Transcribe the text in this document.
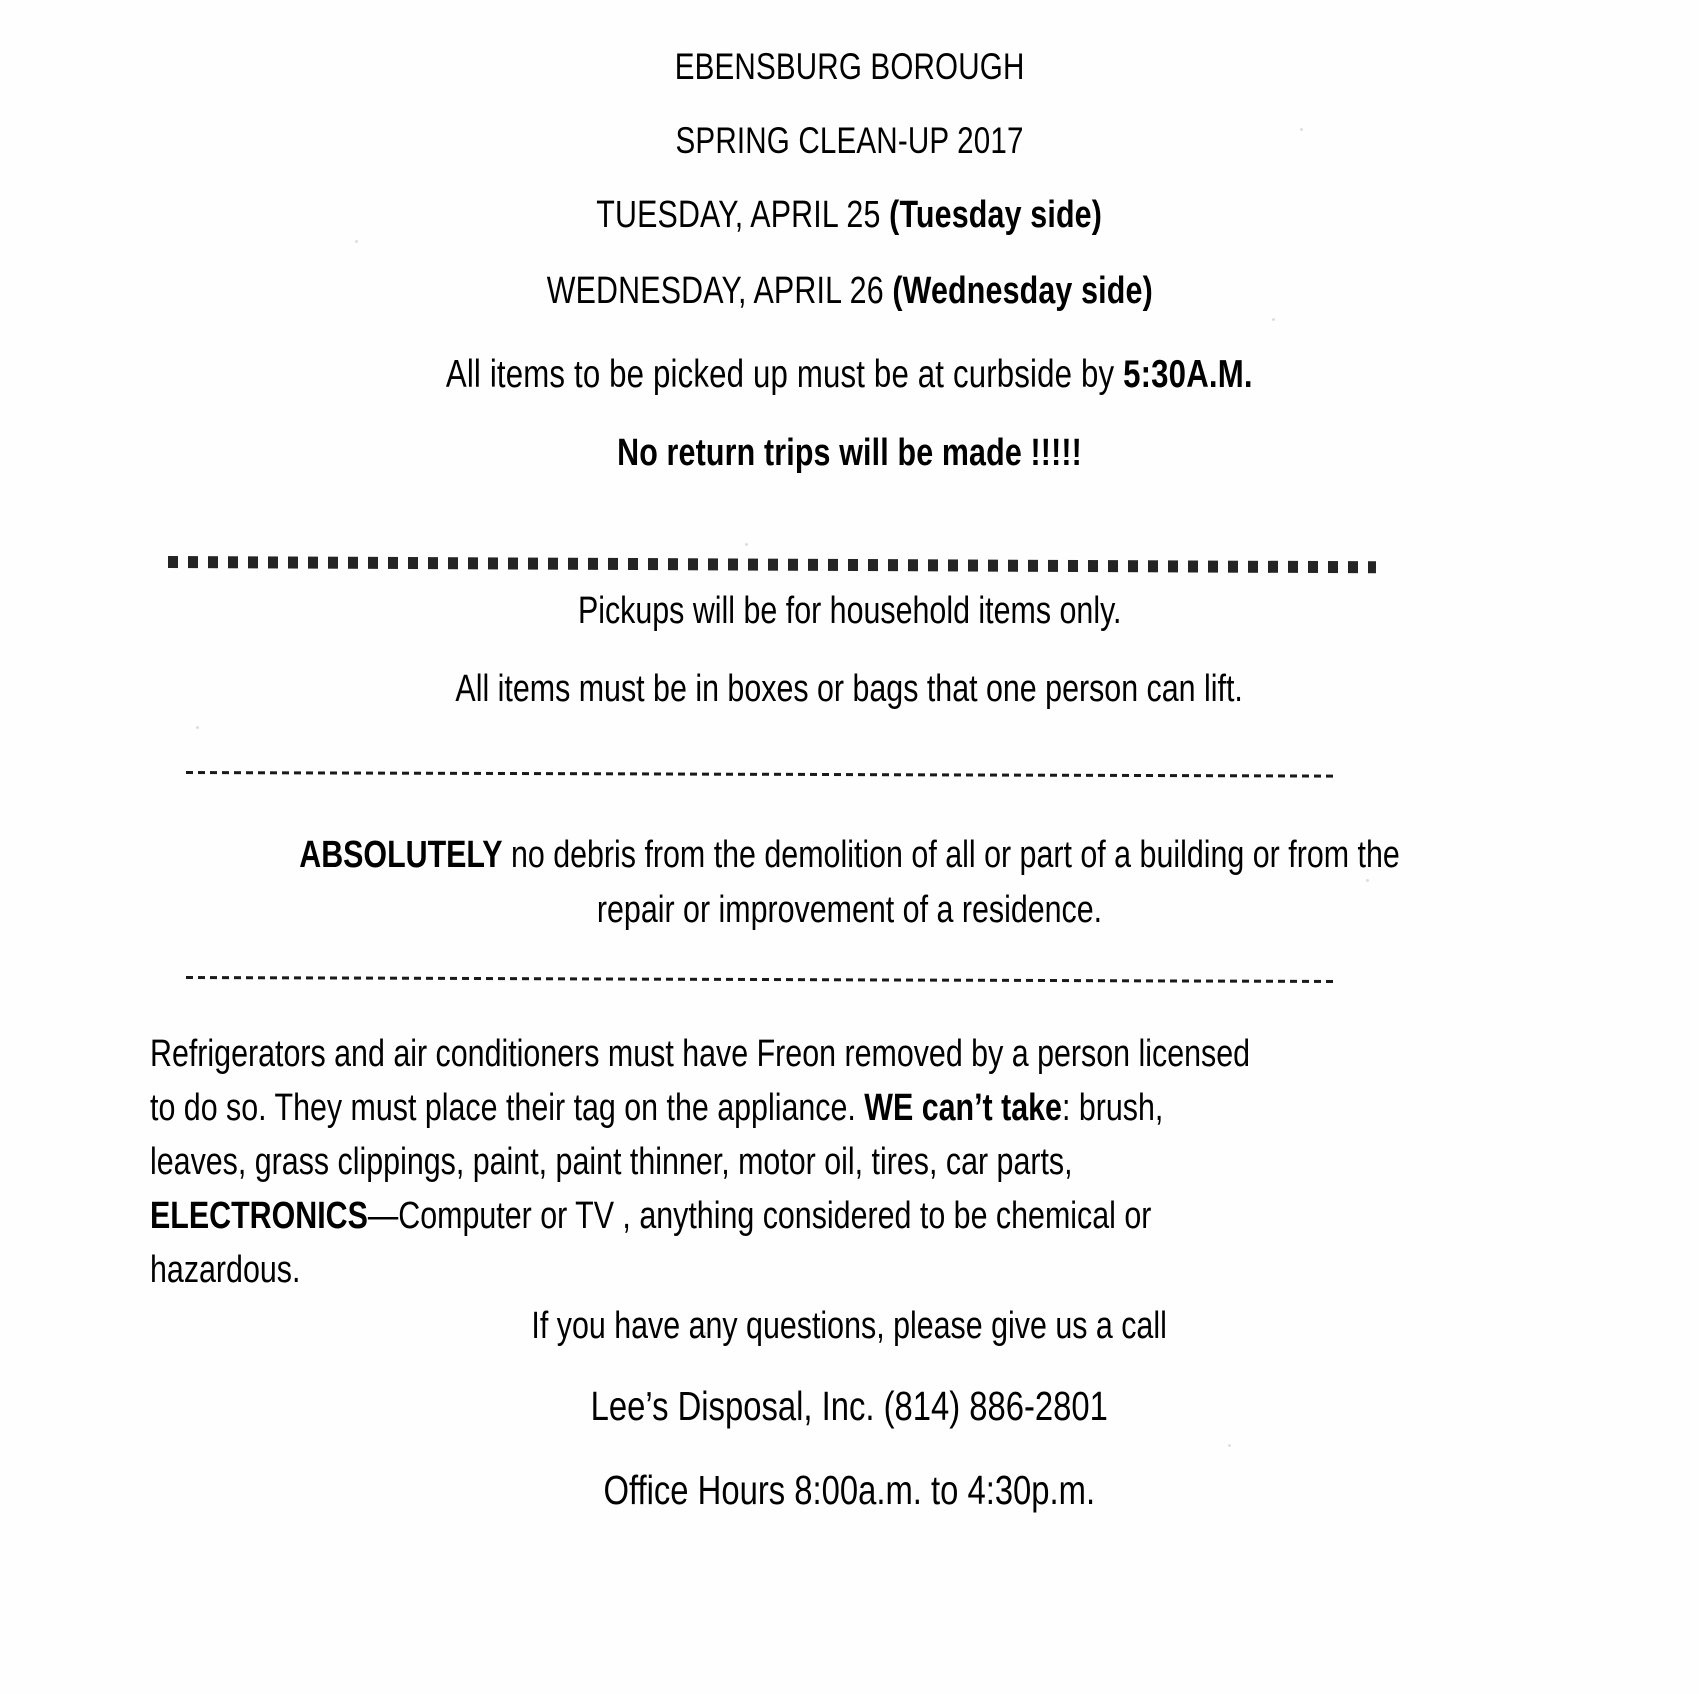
EBENSBURG BOROUGH
SPRING CLEAN-UP 2017
TUESDAY, APRIL 25 (Tuesday side)
WEDNESDAY, APRIL 26 (Wednesday side)
All items to be picked up must be at curbside by 5:30A.M.
No return trips will be made !!!!!
Pickups will be for household items only.
All items must be in boxes or bags that one person can lift.
ABSOLUTELY no debris from the demolition of all or part of a building or from the repair or improvement of a residence.
Refrigerators and air conditioners must have Freon removed by a person licensed
to do so. They must place their tag on the appliance. WE can’t take: brush,
leaves, grass clippings, paint, paint thinner, motor oil, tires, car parts,
ELECTRONICS—Computer or TV , anything considered to be chemical or
hazardous.
If you have any questions, please give us a call
Lee’s Disposal, Inc. (814) 886-2801
Office Hours 8:00a.m. to 4:30p.m.
